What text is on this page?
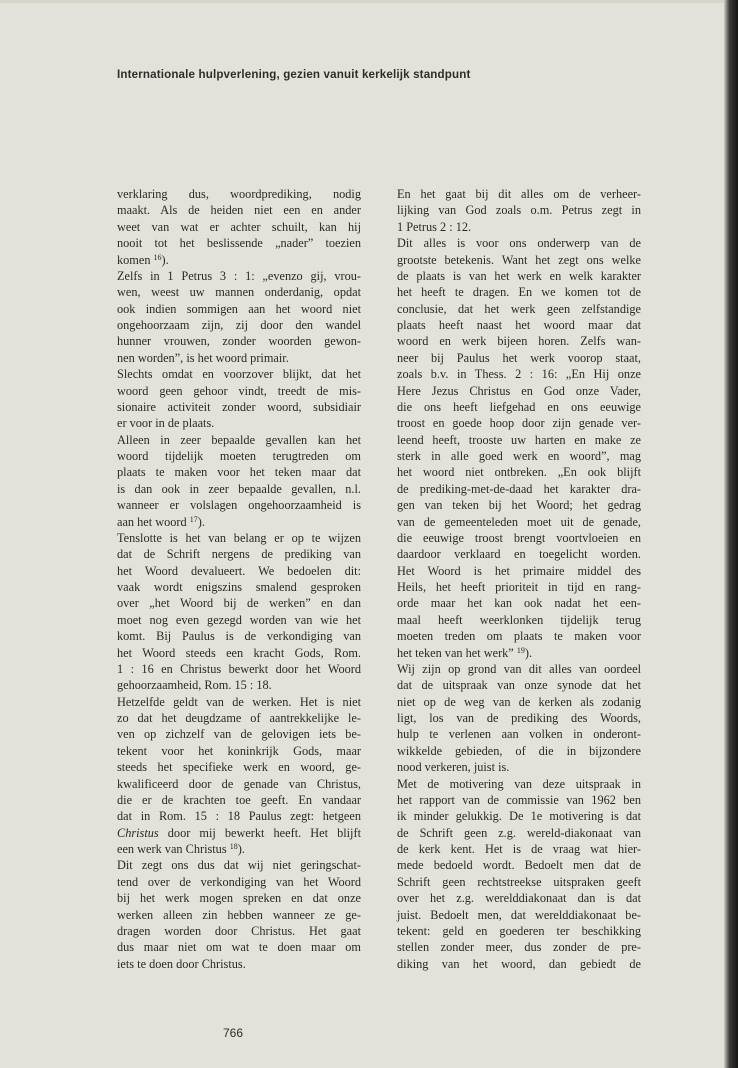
Internationale hulpverlening, gezien vanuit kerkelijk standpunt
verklaring dus, woordprediking, nodig
maakt. Als de heiden niet een en ander
weet van wat er achter schuilt, kan hij
nooit tot het beslissende „nader” toezien
komen $^{16}$).
Zelfs in 1 Petrus 3 : 1: „evenzo gij, vrou-
wen, weest uw mannen onderdanig, opdat
ook indien sommigen aan het woord niet
ongehoorzaam zijn, zij door den wandel
hunner vrouwen, zonder woorden gewon-
nen worden”, is het woord primair.
Slechts omdat en voorzover blijkt, dat het
woord geen gehoor vindt, treedt de mis-
sionaire activiteit zonder woord, subsidiair
er voor in de plaats.
Alleen in zeer bepaalde gevallen kan het
woord tijdelijk moeten terugtreden om
plaats te maken voor het teken maar dat
is dan ook in zeer bepaalde gevallen, n.l.
wanneer er volslagen ongehoorzaamheid is
aan het woord $^{17}$).
Tenslotte is het van belang er op te wijzen
dat de Schrift nergens de prediking van
het Woord devalueert. We bedoelen dit:
vaak wordt enigszins smalend gesproken
over „het Woord bij de werken” en dan
moet nog even gezegd worden van wie het
komt. Bij Paulus is de verkondiging van
het Woord steeds een kracht Gods, Rom.
1 : 16 en Christus bewerkt door het Woord
gehoorzaamheid, Rom. 15 : 18.
Hetzelfde geldt van de werken. Het is niet
zo dat het deugdzame of aantrekkelijke le-
ven op zichzelf van de gelovigen iets be-
tekent voor het koninkrijk Gods, maar
steeds het specifieke werk en woord, ge-
kwalificeerd door de genade van Christus,
die er de krachten toe geeft. En vandaar
dat in Rom. 15 : 18 Paulus zegt: hetgeen
Christus door mij bewerkt heeft. Het blijft
een werk van Christus $^{18}$).
Dit zegt ons dus dat wij niet geringschat-
tend over de verkondiging van het Woord
bij het werk mogen spreken en dat onze
werken alleen zin hebben wanneer ze ge-
dragen worden door Christus. Het gaat
dus maar niet om wat te doen maar om
iets te doen door Christus.
En het gaat bij dit alles om de verheer-
lijking van God zoals o.m. Petrus zegt in
1 Petrus 2 : 12.
Dit alles is voor ons onderwerp van de
grootste betekenis. Want het zegt ons welke
de plaats is van het werk en welk karakter
het heeft te dragen. En we komen tot de
conclusie, dat het werk geen zelfstandige
plaats heeft naast het woord maar dat
woord en werk bijeen horen. Zelfs wan-
neer bij Paulus het werk voorop staat,
zoals b.v. in Thess. 2 : 16: „En Hij onze
Here Jezus Christus en God onze Vader,
die ons heeft liefgehad en ons eeuwige
troost en goede hoop door zijn genade ver-
leend heeft, trooste uw harten en make ze
sterk in alle goed werk en woord”, mag
het woord niet ontbreken. „En ook blijft
de prediking-met-de-daad het karakter dra-
gen van teken bij het Woord; het gedrag
van de gemeenteleden moet uit de genade,
die eeuwige troost brengt voortvloeien en
daardoor verklaard en toegelicht worden.
Het Woord is het primaire middel des
Heils, het heeft prioriteit in tijd en rang-
orde maar het kan ook nadat het een-
maal heeft weerklonken tijdelijk terug
moeten treden om plaats te maken voor
het teken van het werk” $^{19}$).
Wij zijn op grond van dit alles van oordeel
dat de uitspraak van onze synode dat het
niet op de weg van de kerken als zodanig
ligt, los van de prediking des Woords,
hulp te verlenen aan volken in onderont-
wikkelde gebieden, of die in bijzondere
nood verkeren, juist is.
Met de motivering van deze uitspraak in
het rapport van de commissie van 1962 ben
ik minder gelukkig. De 1e motivering is dat
de Schrift geen z.g. wereld-diakonaat van
de kerk kent. Het is de vraag wat hier-
mede bedoeld wordt. Bedoelt men dat de
Schrift geen rechtstreekse uitspraken geeft
over het z.g. werelddiakonaat dan is dat
juist. Bedoelt men, dat werelddiakonaat be-
tekent: geld en goederen ter beschikking
stellen zonder meer, dus zonder de pre-
diking van het woord, dan gebiedt de
766
